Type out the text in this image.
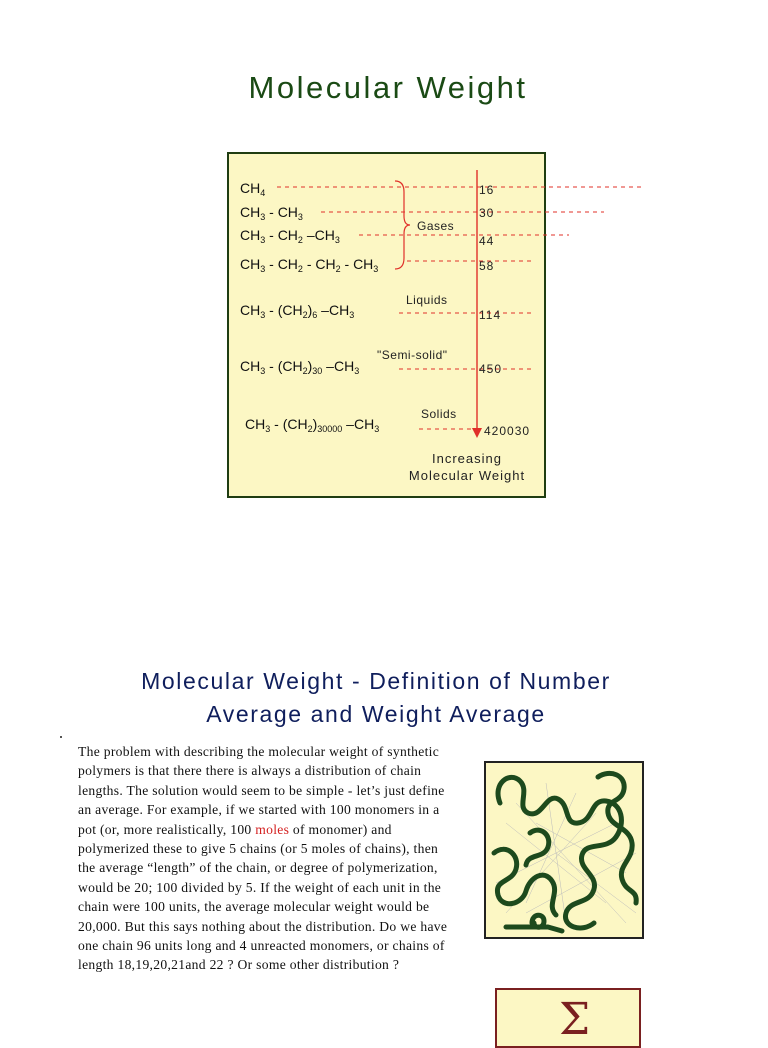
Molecular Weight
$CH_4$
$CH_3 - CH_3$
$CH_3 - CH_2$ $-CH_3$
$CH_3 - CH_2 - CH_2 - CH_3$
$CH_3 - (CH_2)_6$ $-CH_3$
$CH_3 - (CH_2)_{30}$ $-CH_3$
$CH_3 - (CH_2)_{30000}$ $-CH_3$
16
30
44
58
114
450
420030
Gases
Liquids
"Semi-solid"
Solids
Increasing
Molecular Weight
Molecular Weight - Definition of Number
Average and Weight Average
The problem with describing the molecular weight of synthetic polymers is that there there is always a distribution of chain lengths. The solution would seem to be simple - let’s just define an average. For example, if we started with 100 monomers in a pot (or, more realistically, 100 moles of monomer) and polymerized these to give 5 chains (or 5 moles of chains), then the average “length” of the chain, or degree of polymerization, would be 20; 100 divided by 5. If the weight of each unit in the chain were 100 units, the average molecular weight would be 20,000. But this says nothing about the distribution. Do we have one chain 96 units long and 4 unreacted monomers, or chains of length 18,19,20,21and 22 ? Or some other distribution ?
Σ
